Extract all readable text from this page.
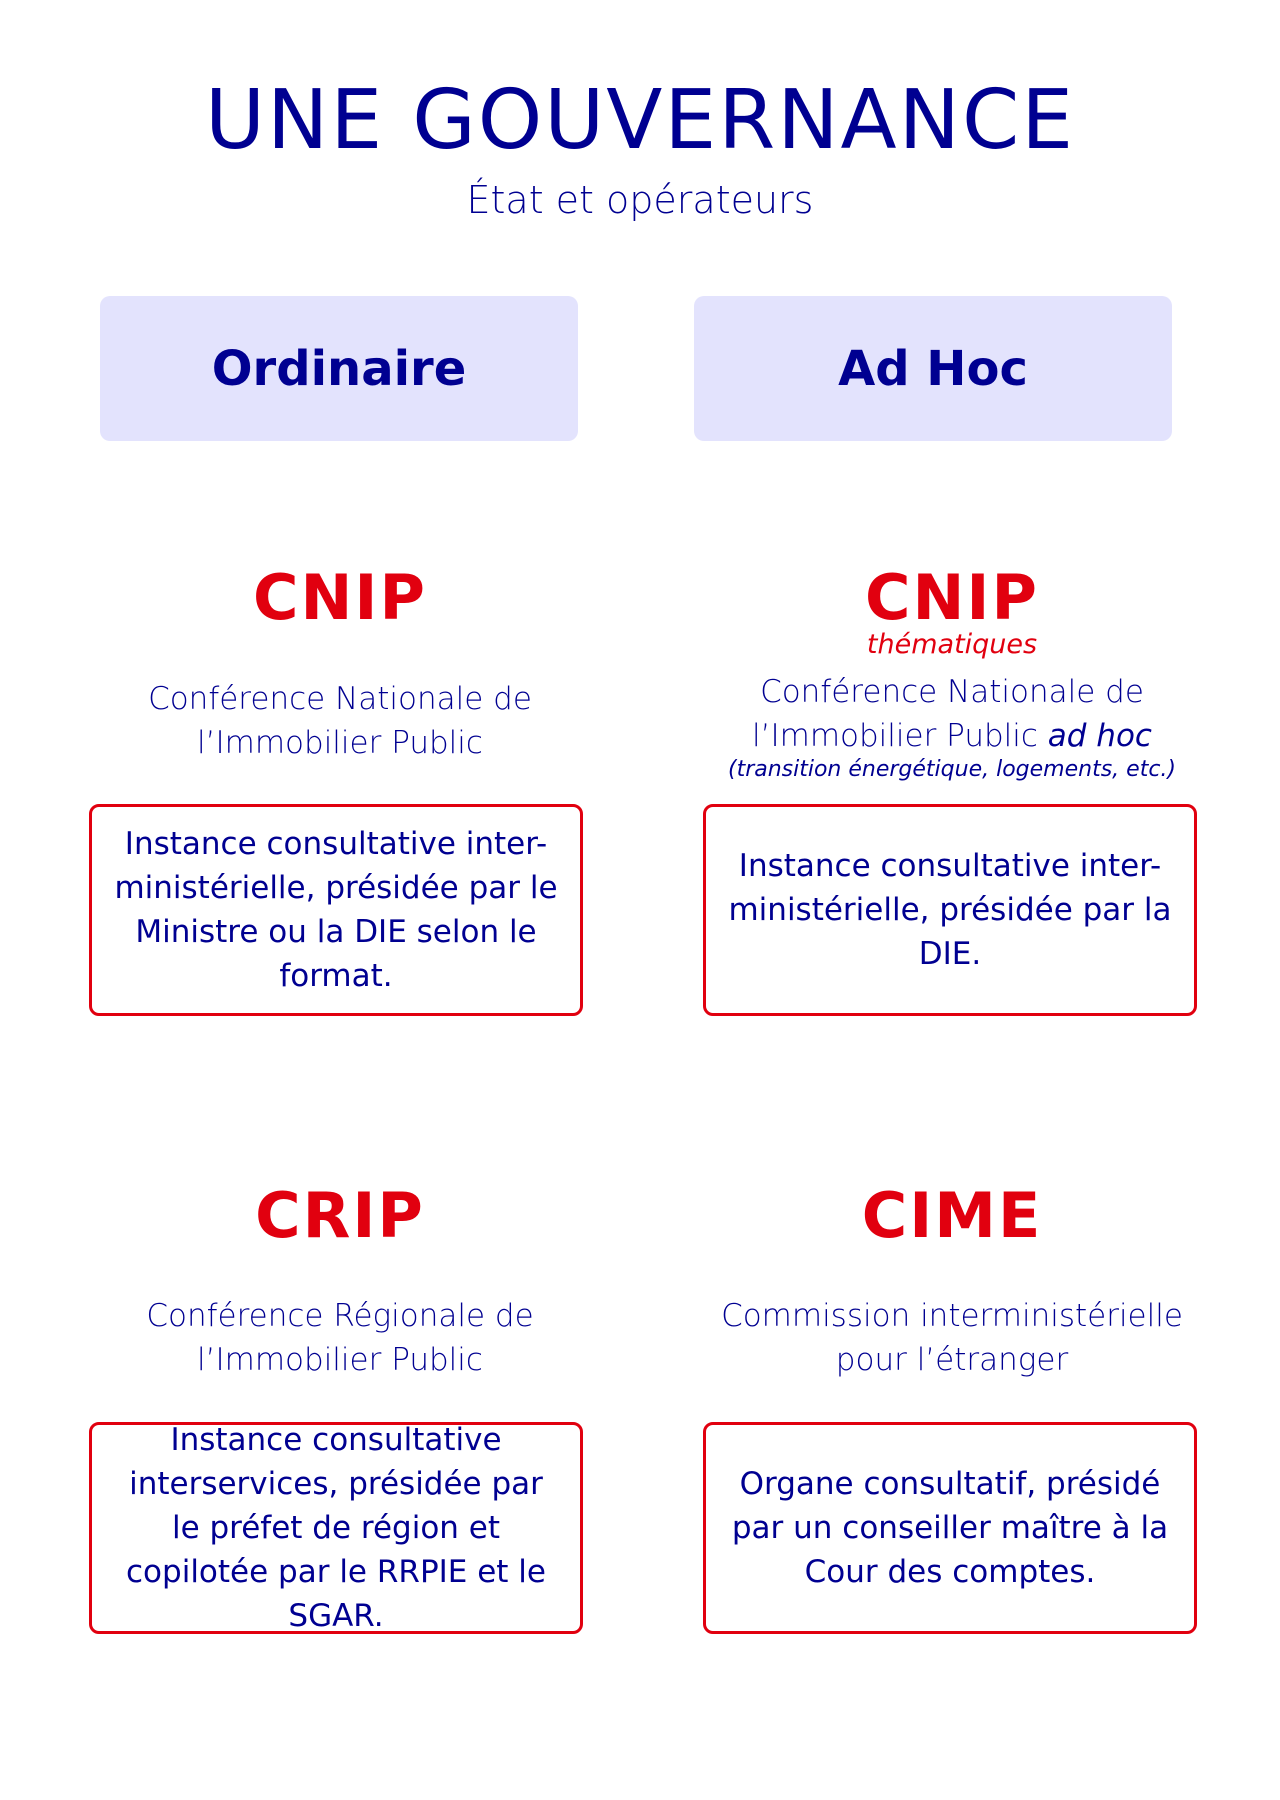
UNE GOUVERNANCE
État et opérateurs
Ordinaire	Ad Hoc
CNIP
Conférence Nationale de
l’Immobilier Public
Instance consultative inter-ministérielle, présidée par le Ministre ou la DIE selon le format.
CNIP
thématiques
Conférence Nationale de
l’Immobilier Public ad hoc
(transition énergétique, logements, etc.)
Instance consultative inter-ministérielle, présidée par la DIE.
CRIP
Conférence Régionale de
l’Immobilier Public
Instance consultative interservices, présidée par le préfet de région et copilotée par le RRPIE et le SGAR.
CIME
Commission interministérielle
pour l’étranger
Organe consultatif, présidé par un conseiller maître à la Cour des comptes.
